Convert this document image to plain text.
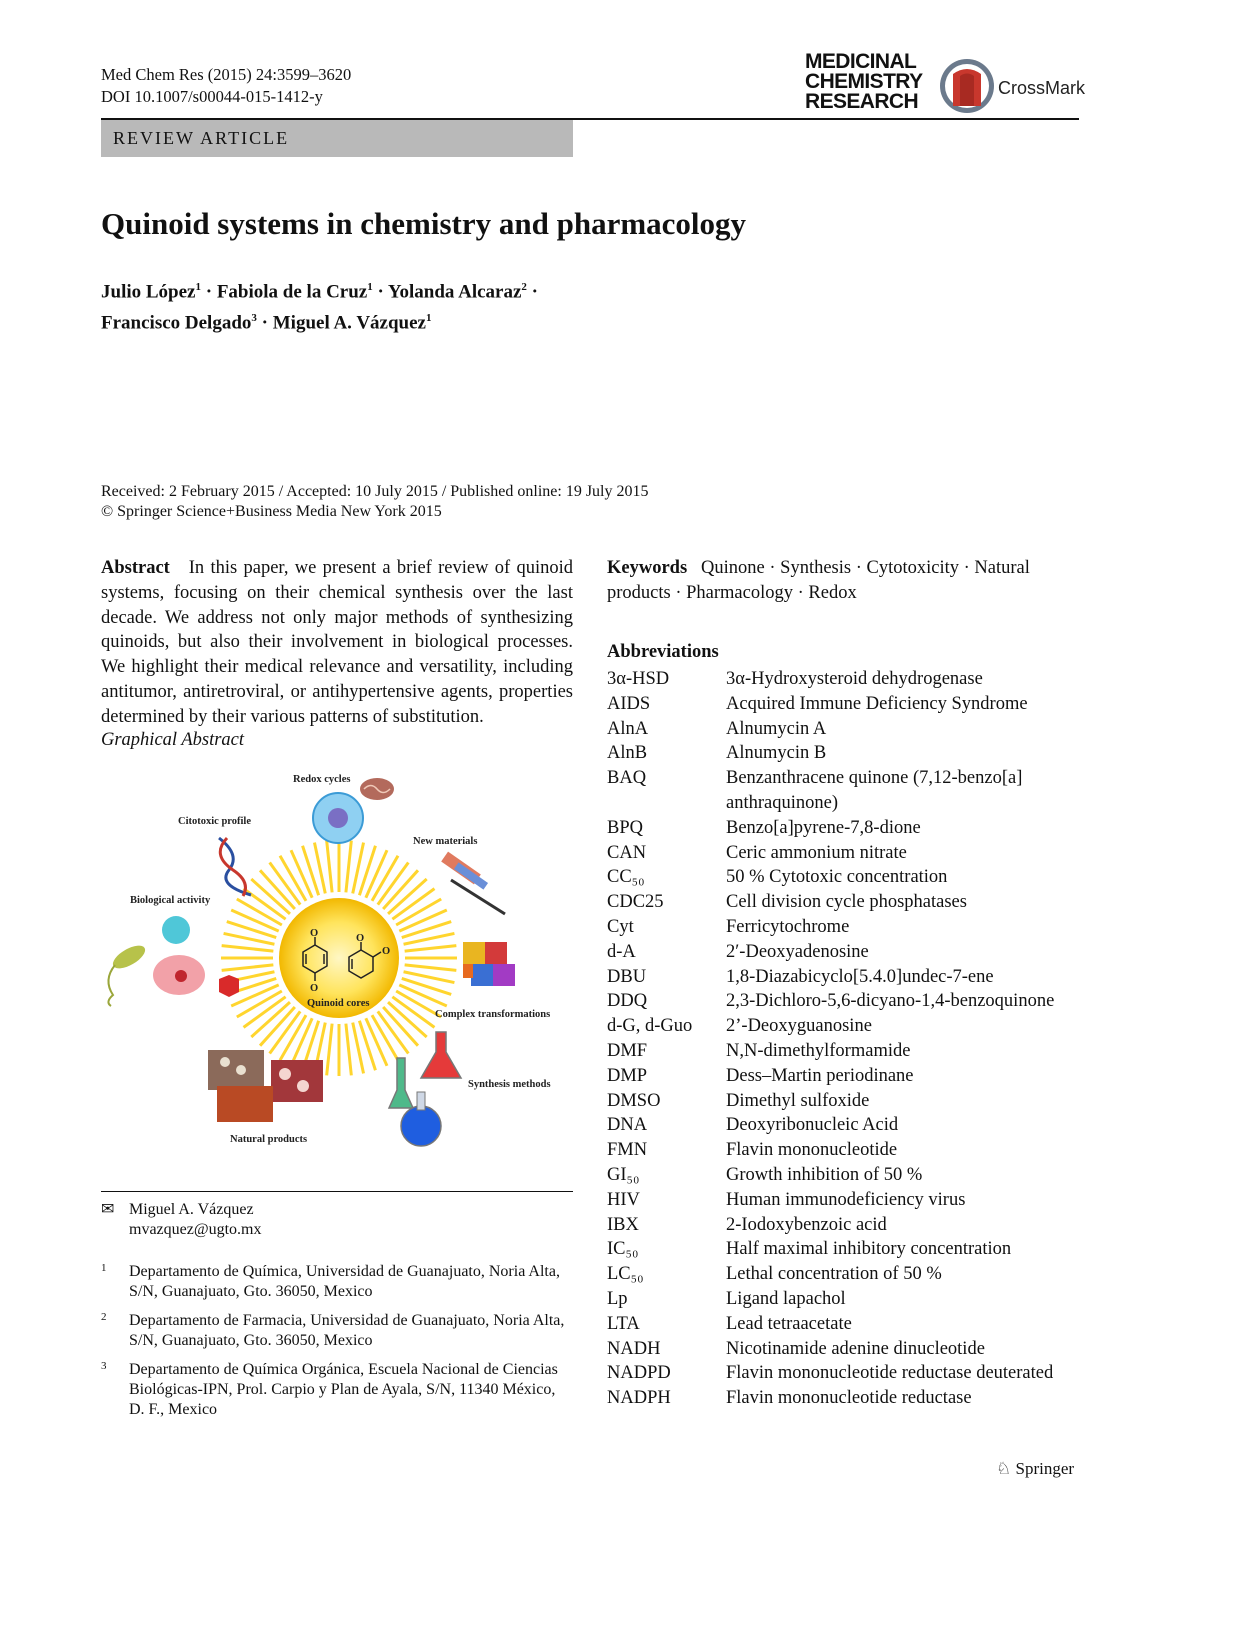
Med Chem Res (2015) 24:3599–3620
DOI 10.1007/s00044-015-1412-y
MEDICINAL
CHEMISTRY
RESEARCH
CrossMark
REVIEW ARTICLE
Quinoid systems in chemistry and pharmacology
Julio López$^1$ · Fabiola de la Cruz$^1$ · Yolanda Alcaraz$^2$ ·
Francisco Delgado$^3$ · Miguel A. Vázquez$^1$
Received: 2 February 2015 / Accepted: 10 July 2015 / Published online: 19 July 2015
© Springer Science+Business Media New York 2015
Abstract In this paper, we present a brief review of quinoid systems, focusing on their chemical synthesis over the last decade. We address not only major methods of synthesizing quinoids, but also their involvement in biological processes. We highlight their medical relevance and versatility, including antitumor, antiretroviral, or antihypertensive agents, properties determined by their various patterns of substitution.
Graphical Abstract
O
O
O
O
Quinoid cores
Redox cycles
Citotoxic profile
New materials
Biological activity
Complex transformations
Synthesis methods
Natural products
✉ Miguel A. Vázquez
mvazquez@ugto.mx
1 Departamento de Química, Universidad de Guanajuato, Noria Alta, S/N, Guanajuato, Gto. 36050, Mexico
2 Departamento de Farmacia, Universidad de Guanajuato, Noria Alta, S/N, Guanajuato, Gto. 36050, Mexico
3 Departamento de Química Orgánica, Escuela Nacional de Ciencias Biológicas-IPN, Prol. Carpio y Plan de Ayala, S/N, 11340 México, D. F., Mexico
Keywords Quinone · Synthesis · Cytotoxicity · Natural products · Pharmacology · Redox
Abbreviations
3α-HSD	3α-Hydroxysteroid dehydrogenase
AIDS	Acquired Immune Deficiency Syndrome
AlnA	Alnumycin A
AlnB	Alnumycin B
BAQ	Benzanthracene quinone (7,12-benzo[a] anthraquinone)
BPQ	Benzo[a]pyrene-7,8-dione
CAN	Ceric ammonium nitrate
CC₅₀	50 % Cytotoxic concentration
CDC25	Cell division cycle phosphatases
Cyt	Ferricytochrome
d-A	2′-Deoxyadenosine
DBU	1,8-Diazabicyclo[5.4.0]undec-7-ene
DDQ	2,3-Dichloro-5,6-dicyano-1,4-benzoquinone
d-G, d-Guo	2’-Deoxyguanosine
DMF	N,N-dimethylformamide
DMP	Dess–Martin periodinane
DMSO	Dimethyl sulfoxide
DNA	Deoxyribonucleic Acid
FMN	Flavin mononucleotide
GI₅₀	Growth inhibition of 50 %
HIV	Human immunodeficiency virus
IBX	2-Iodoxybenzoic acid
IC₅₀	Half maximal inhibitory concentration
LC₅₀	Lethal concentration of 50 %
Lp	Ligand lapachol
LTA	Lead tetraacetate
NADH	Nicotinamide adenine dinucleotide
NADPD	Flavin mononucleotide reductase deuterated
NADPH	Flavin mononucleotide reductase
♘ Springer
